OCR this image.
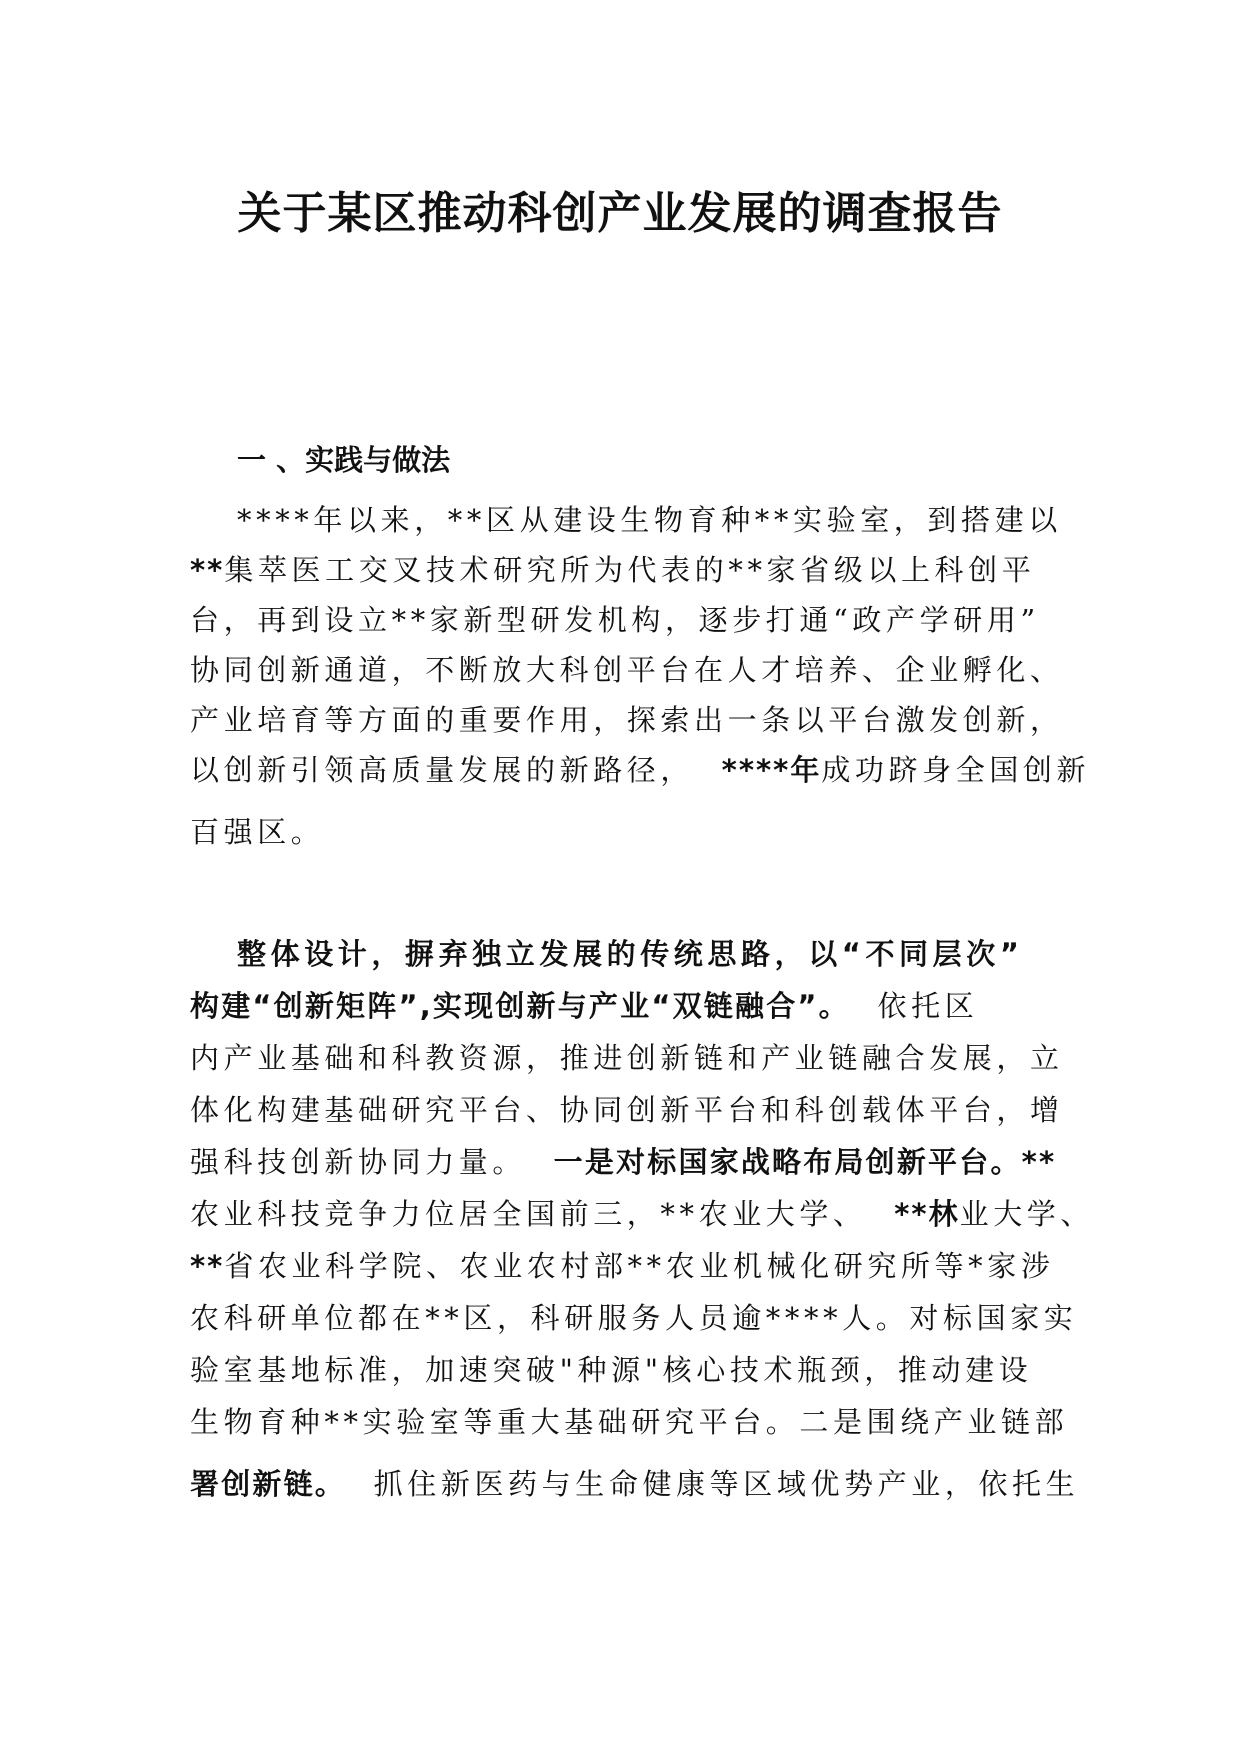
关于某区推动科创产业发展的调查报告
一 、实践与做法
****年以来，**区从建设生物育种**实验室，到搭建以
**集萃医工交叉技术研究所为代表的**家省级以上科创平
台，再到设立**家新型研发机构，逐步打通“政产学研用”
协同创新通道，不断放大科创平台在人才培养、企业孵化、
产业培育等方面的重要作用，探索出一条以平台激发创新，
以创新引领高质量发展的新路径， ****年成功跻身全国创新
百强区。
整体设计，摒弃独立发展的传统思路，以“不同层次”
构建“创新矩阵”,实现创新与产业“双链融合”。 依托区
内产业基础和科教资源，推进创新链和产业链融合发展，立
体化构建基础研究平台、协同创新平台和科创载体平台，增
强科技创新协同力量。 一是对标国家战略布局创新平台。**
农业科技竞争力位居全国前三，**农业大学、 **林业大学、
**省农业科学院、农业农村部**农业机械化研究所等*家涉
农科研单位都在**区，科研服务人员逾****人。对标国家实
验室基地标准，加速突破"种源"核心技术瓶颈，推动建设
生物育种**实验室等重大基础研究平台。二是围绕产业链部
署创新链。 抓住新医药与生命健康等区域优势产业，依托生
